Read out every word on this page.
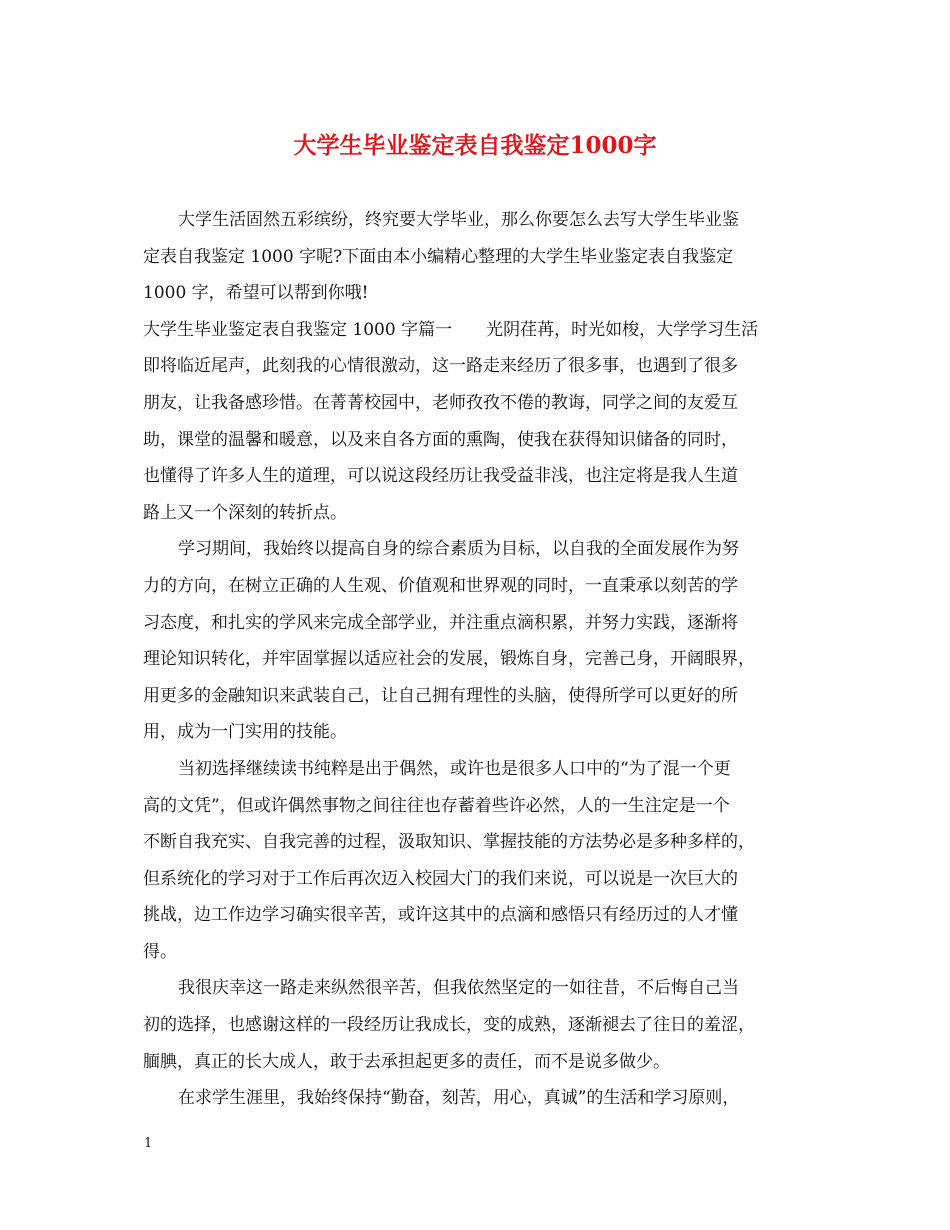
大学生毕业鉴定表自我鉴定1000字

大学生活固然五彩缤纷，终究要大学毕业，那么你要怎么去写大学生毕业鉴
定表自我鉴定 1000 字呢?下面由本小编精心整理的大学生毕业鉴定表自我鉴定
1000 字，希望可以帮到你哦!

大学生毕业鉴定表自我鉴定 1000 字篇一　　光阴荏苒，时光如梭，大学学习生活
即将临近尾声，此刻我的心情很激动，这一路走来经历了很多事，也遇到了很多
朋友，让我备感珍惜。在菁菁校园中，老师孜孜不倦的教诲，同学之间的友爱互
助，课堂的温馨和暖意，以及来自各方面的熏陶，使我在获得知识储备的同时，
也懂得了许多人生的道理，可以说这段经历让我受益非浅，也注定将是我人生道
路上又一个深刻的转折点。

学习期间，我始终以提高自身的综合素质为目标，以自我的全面发展作为努
力的方向，在树立正确的人生观、价值观和世界观的同时，一直秉承以刻苦的学
习态度，和扎实的学风来完成全部学业，并注重点滴积累，并努力实践，逐渐将
理论知识转化，并牢固掌握以适应社会的发展，锻炼自身，完善己身，开阔眼界，
用更多的金融知识来武装自己，让自己拥有理性的头脑，使得所学可以更好的所
用，成为一门实用的技能。

当初选择继续读书纯粹是出于偶然，或许也是很多人口中的“为了混一个更
高的文凭”，但或许偶然事物之间往往也存蓄着些许必然，人的一生注定是一个
不断自我充实、自我完善的过程，汲取知识、掌握技能的方法势必是多种多样的，
但系统化的学习对于工作后再次迈入校园大门的我们来说，可以说是一次巨大的
挑战，边工作边学习确实很辛苦，或许这其中的点滴和感悟只有经历过的人才懂
得。

我很庆幸这一路走来纵然很辛苦，但我依然坚定的一如往昔，不后悔自己当
初的选择，也感谢这样的一段经历让我成长，变的成熟，逐渐褪去了往日的羞涩，
腼腆，真正的长大成人，敢于去承担起更多的责任，而不是说多做少。

在求学生涯里，我始终保持“勤奋，刻苦，用心，真诚”的生活和学习原则，

1
